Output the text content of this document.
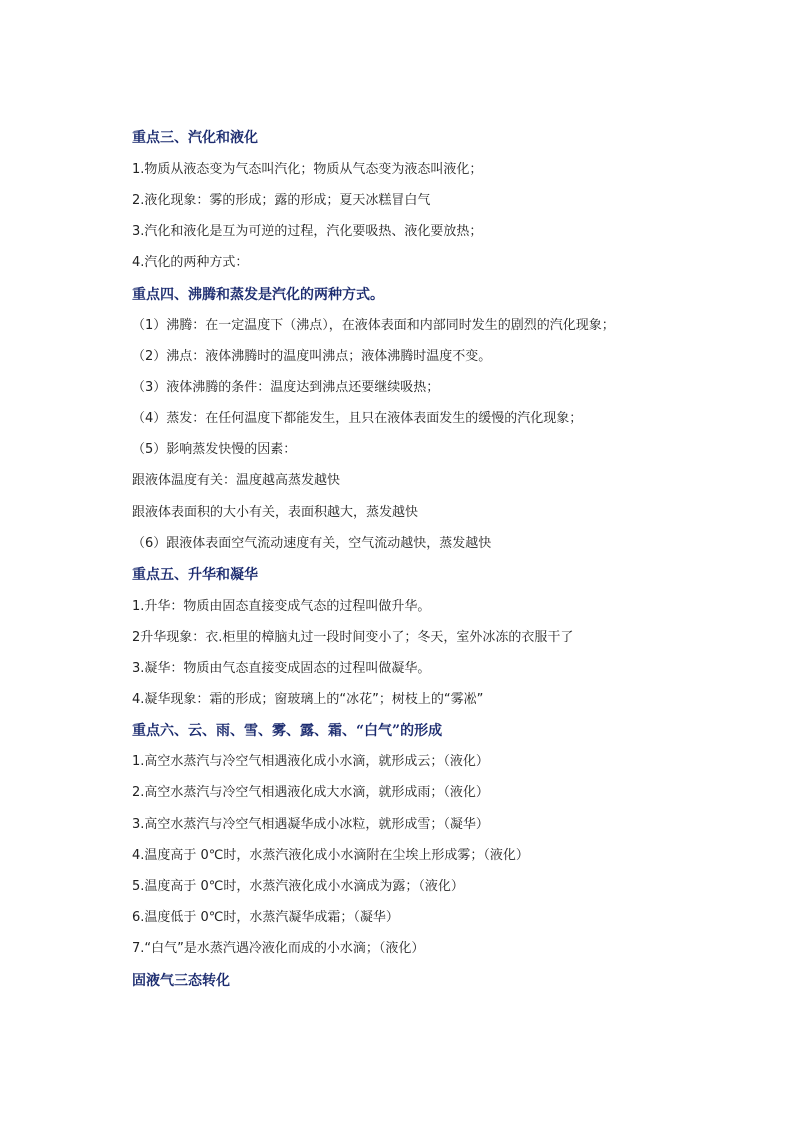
重点三、汽化和液化
1.物质从液态变为气态叫汽化；物质从气态变为液态叫液化；
2.液化现象：雾的形成；露的形成；夏天冰糕冒白气
3.汽化和液化是互为可逆的过程，汽化要吸热、液化要放热；
4.汽化的两种方式：
重点四、沸腾和蒸发是汽化的两种方式。
（1）沸腾：在一定温度下（沸点），在液体表面和内部同时发生的剧烈的汽化现象；
（2）沸点：液体沸腾时的温度叫沸点；液体沸腾时温度不变。
（3）液体沸腾的条件：温度达到沸点还要继续吸热；
（4）蒸发：在任何温度下都能发生，且只在液体表面发生的缓慢的汽化现象；
（5）影响蒸发快慢的因素：
跟液体温度有关：温度越高蒸发越快
跟液体表面积的大小有关，表面积越大，蒸发越快
（6）跟液体表面空气流动速度有关，空气流动越快，蒸发越快
重点五、升华和凝华
1.升华：物质由固态直接变成气态的过程叫做升华。
2升华现象：衣.柜里的樟脑丸过一段时间变小了；冬天，室外冰冻的衣服干了
3.凝华：物质由气态直接变成固态的过程叫做凝华。
4.凝华现象：霜的形成；窗玻璃上的“冰花”；树枝上的“雾凇”
重点六、云、雨、雪、雾、露、霜、“白气”的形成
1.高空水蒸汽与冷空气相遇液化成小水滴，就形成云；（液化）
2.高空水蒸汽与冷空气相遇液化成大水滴，就形成雨；（液化）
3.高空水蒸汽与冷空气相遇凝华成小冰粒，就形成雪；（凝华）
4.温度高于 0℃时，水蒸汽液化成小水滴附在尘埃上形成雾；（液化）
5.温度高于 0℃时，水蒸汽液化成小水滴成为露；（液化）
6.温度低于 0℃时，水蒸汽凝华成霜；（凝华）
7.“白气”是水蒸汽遇冷液化而成的小水滴；（液化）
固液气三态转化
